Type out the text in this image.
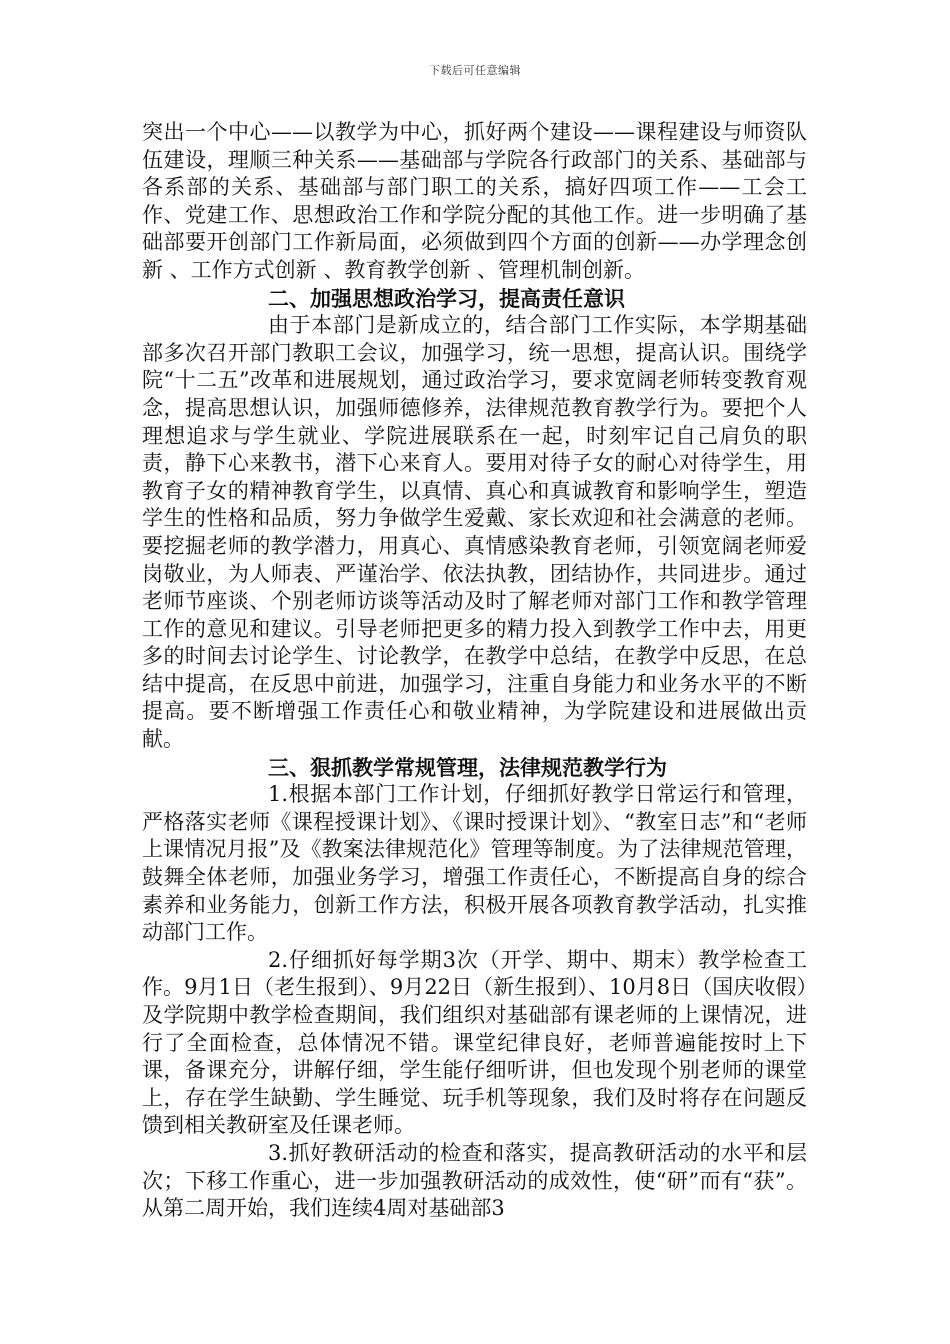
下载后可任意编辑

突出一个中心——以教学为中心，抓好两个建设——课程建设与师资队伍建设，理顺三种关系——基础部与学院各行政部门的关系、基础部与各系部的关系、基础部与部门职工的关系，搞好四项工作——工会工作、党建工作、思想政治工作和学院分配的其他工作。进一步明确了基础部要开创部门工作新局面，必须做到四个方面的创新——办学理念创新 、工作方式创新 、教育教学创新 、管理机制创新。

二、加强思想政治学习，提高责任意识

由于本部门是新成立的，结合部门工作实际，本学期基础部多次召开部门教职工会议，加强学习，统一思想，提高认识。围绕学院“十二五”改革和进展规划，通过政治学习，要求宽阔老师转变教育观念，提高思想认识，加强师德修养，法律规范教育教学行为。要把个人理想追求与学生就业、学院进展联系在一起，时刻牢记自己肩负的职责，静下心来教书，潜下心来育人。要用对待子女的耐心对待学生，用教育子女的精神教育学生，以真情、真心和真诚教育和影响学生，塑造学生的性格和品质，努力争做学生爱戴、家长欢迎和社会满意的老师。要挖掘老师的教学潜力，用真心、真情感染教育老师，引领宽阔老师爱岗敬业，为人师表、严谨治学、依法执教，团结协作，共同进步。通过老师节座谈、个别老师访谈等活动及时了解老师对部门工作和教学管理工作的意见和建议。引导老师把更多的精力投入到教学工作中去，用更多的时间去讨论学生、讨论教学，在教学中总结，在教学中反思，在总结中提高，在反思中前进，加强学习，注重自身能力和业务水平的不断提高。要不断增强工作责任心和敬业精神，为学院建设和进展做出贡献。

三、狠抓教学常规管理，法律规范教学行为

1.根据本部门工作计划，仔细抓好教学日常运行和管理，严格落实老师《课程授课计划》、《课时授课计划》、“教室日志”和“老师上课情况月报”及《教案法律规范化》管理等制度。为了法律规范管理，鼓舞全体老师，加强业务学习，增强工作责任心，不断提高自身的综合素养和业务能力，创新工作方法，积极开展各项教育教学活动，扎实推动部门工作。

2.仔细抓好每学期3次（开学、期中、期末）教学检查工作。9月1日（老生报到）、9月22日（新生报到）、10月8日（国庆收假）及学院期中教学检查期间，我们组织对基础部有课老师的上课情况，进行了全面检查，总体情况不错。课堂纪律良好，老师普遍能按时上下课，备课充分，讲解仔细，学生能仔细听讲，但也发现个别老师的课堂上，存在学生缺勤、学生睡觉、玩手机等现象，我们及时将存在问题反馈到相关教研室及任课老师。

3.抓好教研活动的检查和落实，提高教研活动的水平和层次；下移工作重心，进一步加强教研活动的成效性，使“研”而有“获”。从第二周开始，我们连续4周对基础部3
